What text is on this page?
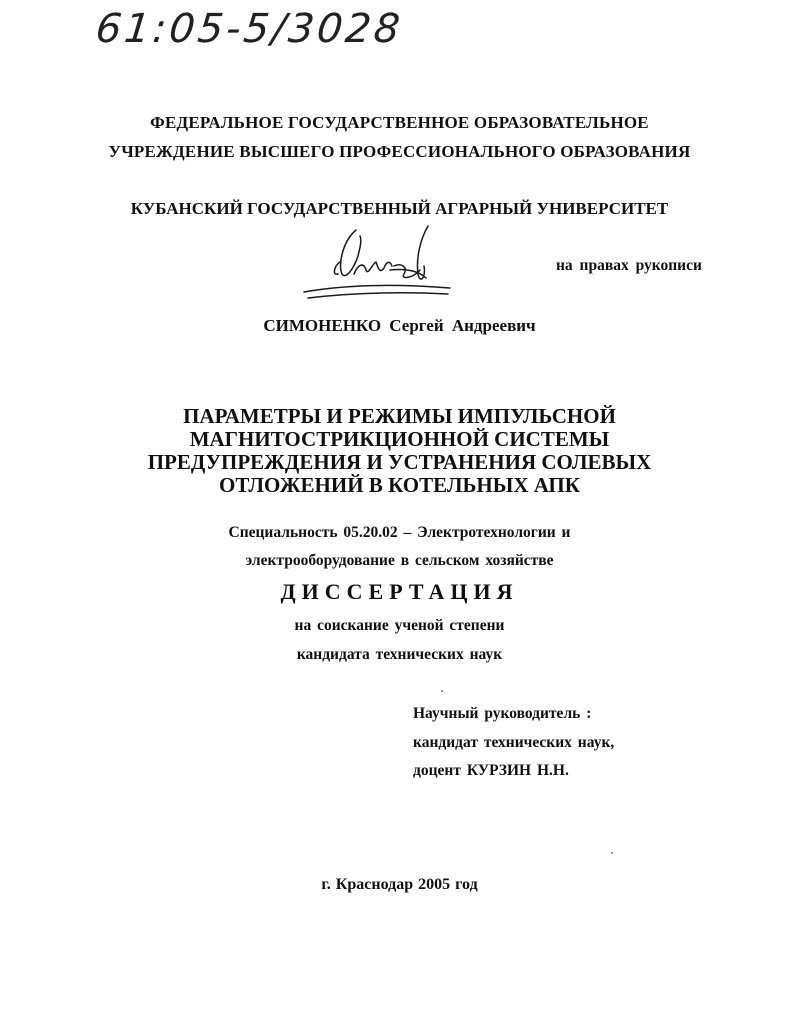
61:05-5/3028
ФЕДЕРАЛЬНОЕ ГОСУДАРСТВЕННОЕ ОБРАЗОВАТЕЛЬНОЕ
УЧРЕЖДЕНИЕ ВЫСШЕГО ПРОФЕССИОНАЛЬНОГО ОБРАЗОВАНИЯ
КУБАНСКИЙ ГОСУДАРСТВЕННЫЙ АГРАРНЫЙ УНИВЕРСИТЕТ
на правах рукописи
СИМОНЕНКО Сергей Андреевич
ПАРАМЕТРЫ И РЕЖИМЫ ИМПУЛЬСНОЙ
МАГНИТОСТРИКЦИОННОЙ СИСТЕМЫ
ПРЕДУПРЕЖДЕНИЯ И УСТРАНЕНИЯ СОЛЕВЫХ
ОТЛОЖЕНИЙ В КОТЕЛЬНЫХ АПК
Специальность 05.20.02 – Электротехнологии и
электрооборудование в сельском хозяйстве
ДИССЕРТАЦИЯ
на соискание ученой степени
кандидата технических наук
Научный руководитель :
кандидат технических наук,
доцент КУРЗИН Н.Н.
г. Краснодар 2005 год
